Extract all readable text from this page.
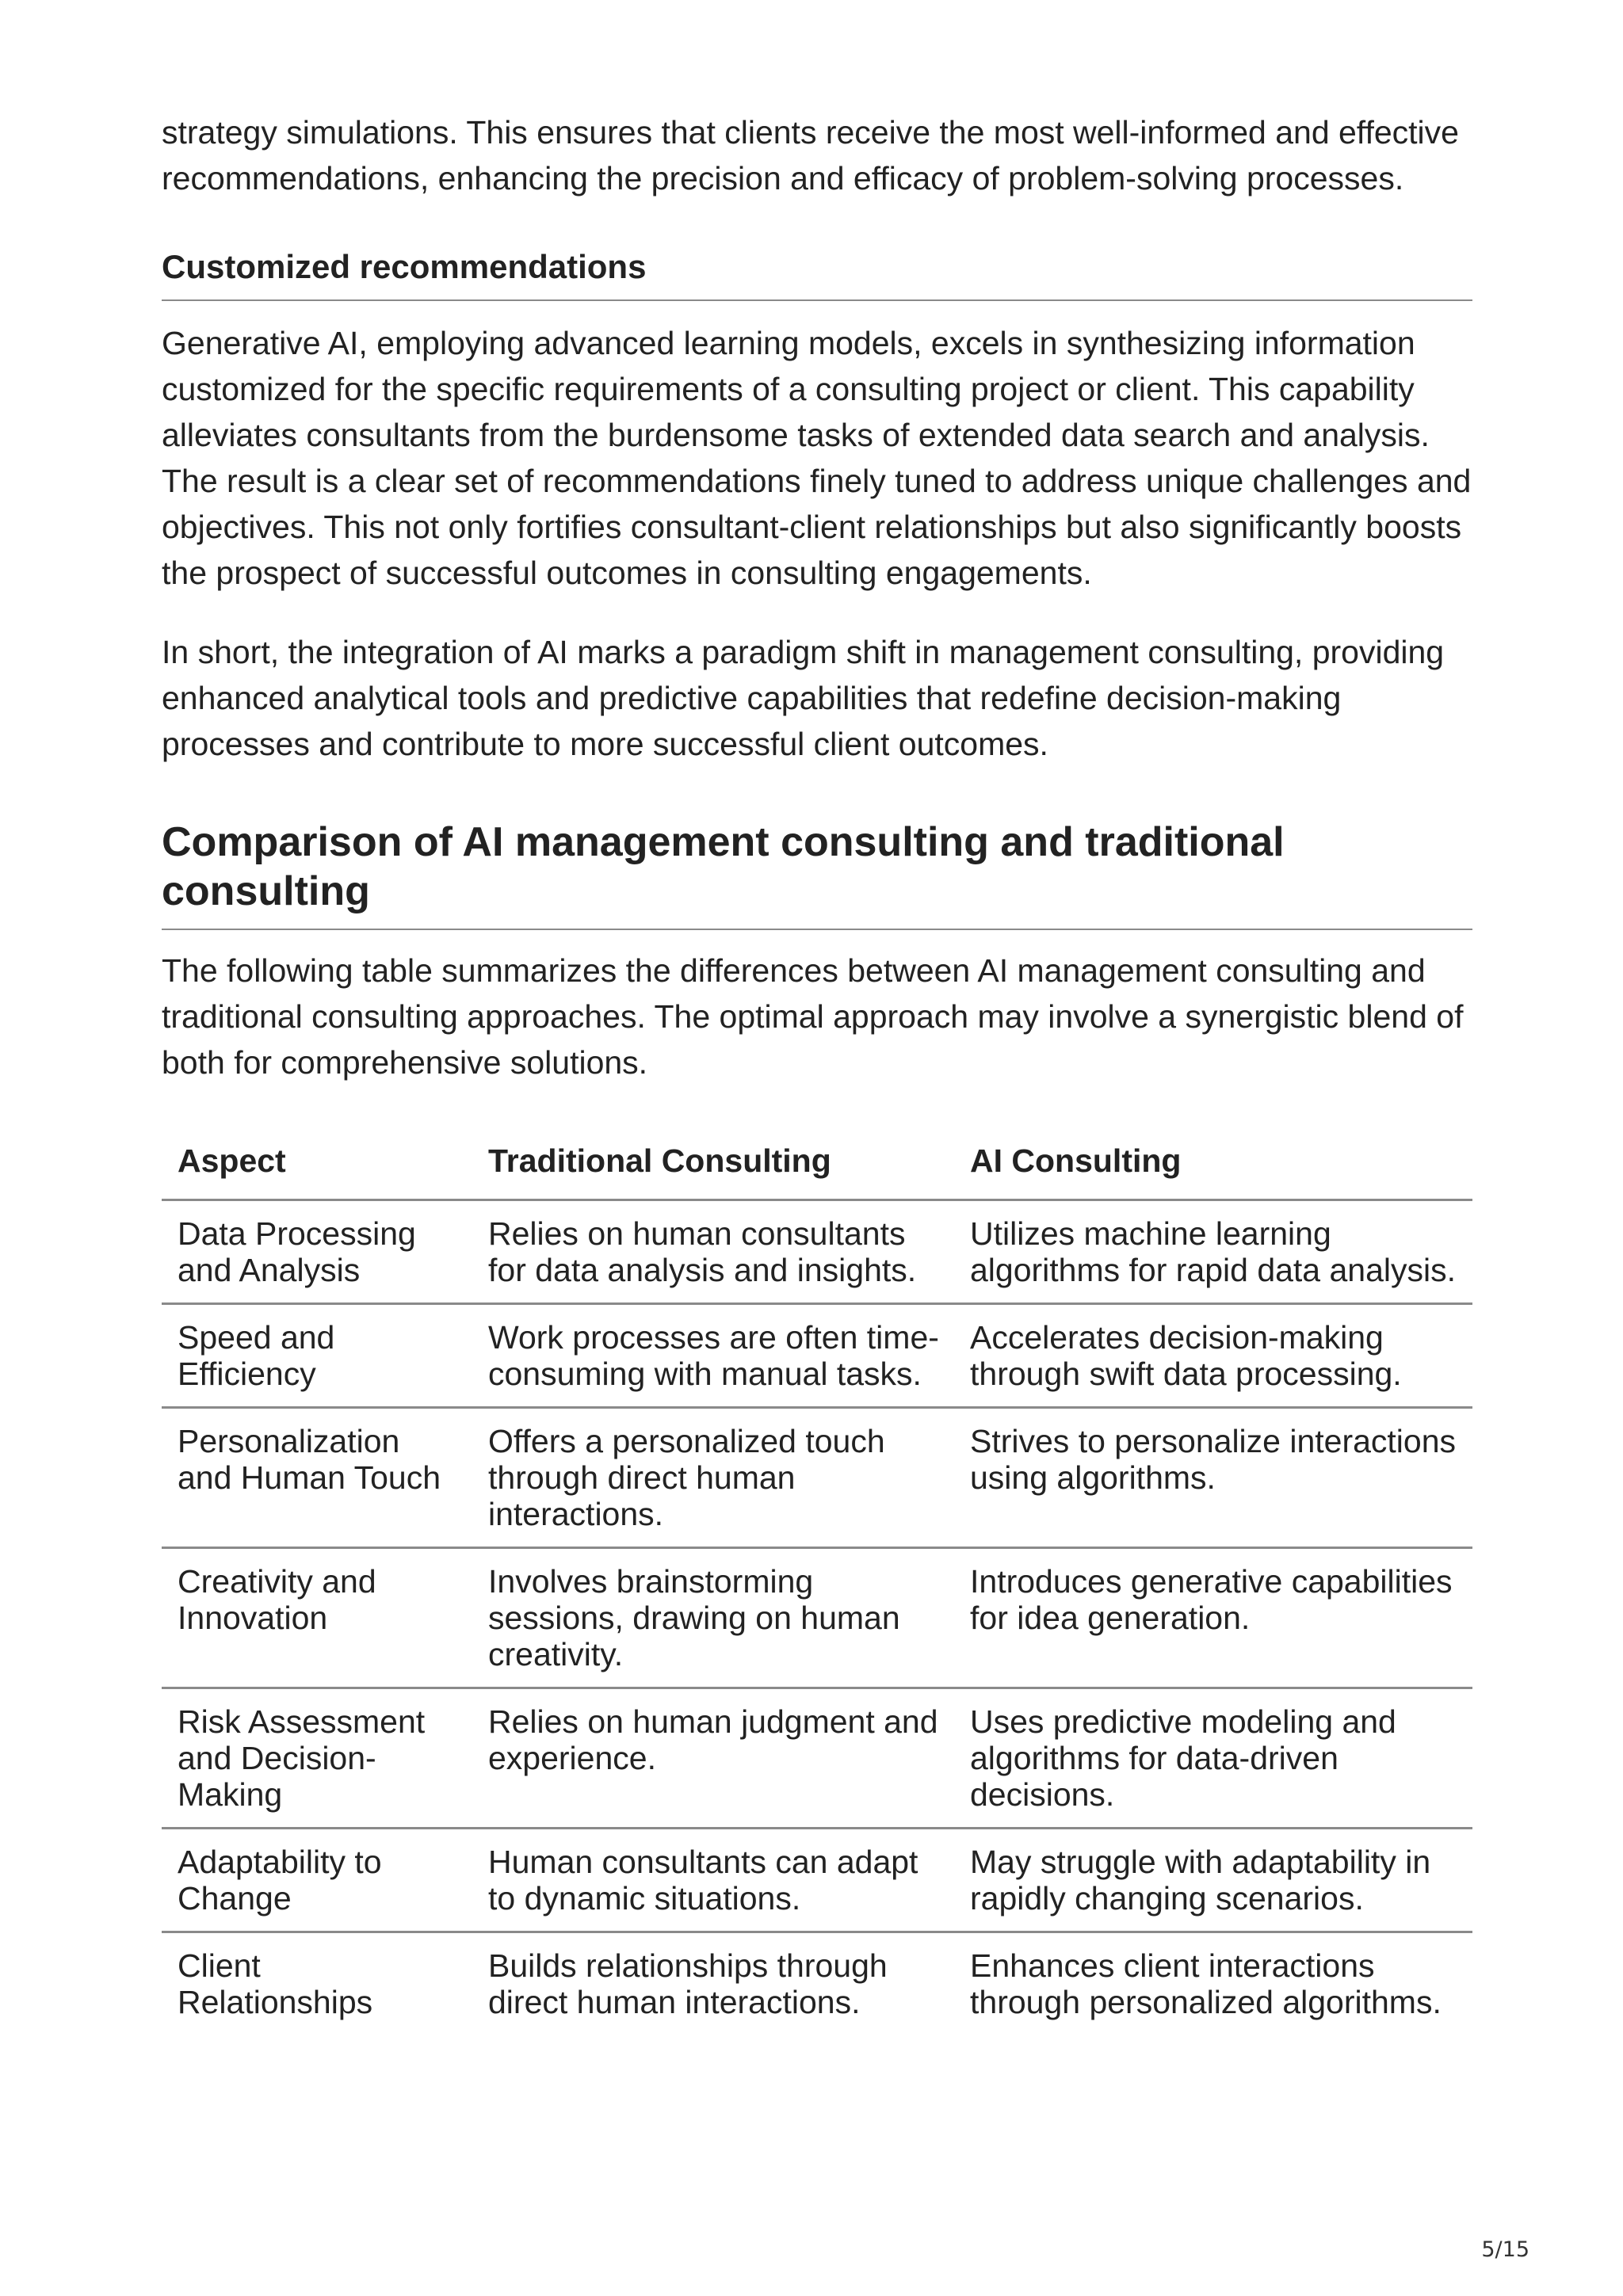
strategy simulations. This ensures that clients receive the most well-informed and effective recommendations, enhancing the precision and efficacy of problem-solving processes.

Customized recommendations

Generative AI, employing advanced learning models, excels in synthesizing information customized for the specific requirements of a consulting project or client. This capability alleviates consultants from the burdensome tasks of extended data search and analysis. The result is a clear set of recommendations finely tuned to address unique challenges and objectives. This not only fortifies consultant-client relationships but also significantly boosts the prospect of successful outcomes in consulting engagements.

In short, the integration of AI marks a paradigm shift in management consulting, providing enhanced analytical tools and predictive capabilities that redefine decision-making processes and contribute to more successful client outcomes.

Comparison of AI management consulting and traditional consulting

The following table summarizes the differences between AI management consulting and traditional consulting approaches. The optimal approach may involve a synergistic blend of both for comprehensive solutions.

Aspect	Traditional Consulting	AI Consulting
Data Processing and Analysis	Relies on human consultants for data analysis and insights.	Utilizes machine learning algorithms for rapid data analysis.
Speed and Efficiency	Work processes are often time-consuming with manual tasks.	Accelerates decision-making through swift data processing.
Personalization and Human Touch	Offers a personalized touch through direct human interactions.	Strives to personalize interactions using algorithms.
Creativity and Innovation	Involves brainstorming sessions, drawing on human creativity.	Introduces generative capabilities for idea generation.
Risk Assessment and Decision-Making	Relies on human judgment and experience.	Uses predictive modeling and algorithms for data-driven decisions.
Adaptability to Change	Human consultants can adapt to dynamic situations.	May struggle with adaptability in rapidly changing scenarios.
Client Relationships	Builds relationships through direct human interactions.	Enhances client interactions through personalized algorithms.
5/15
